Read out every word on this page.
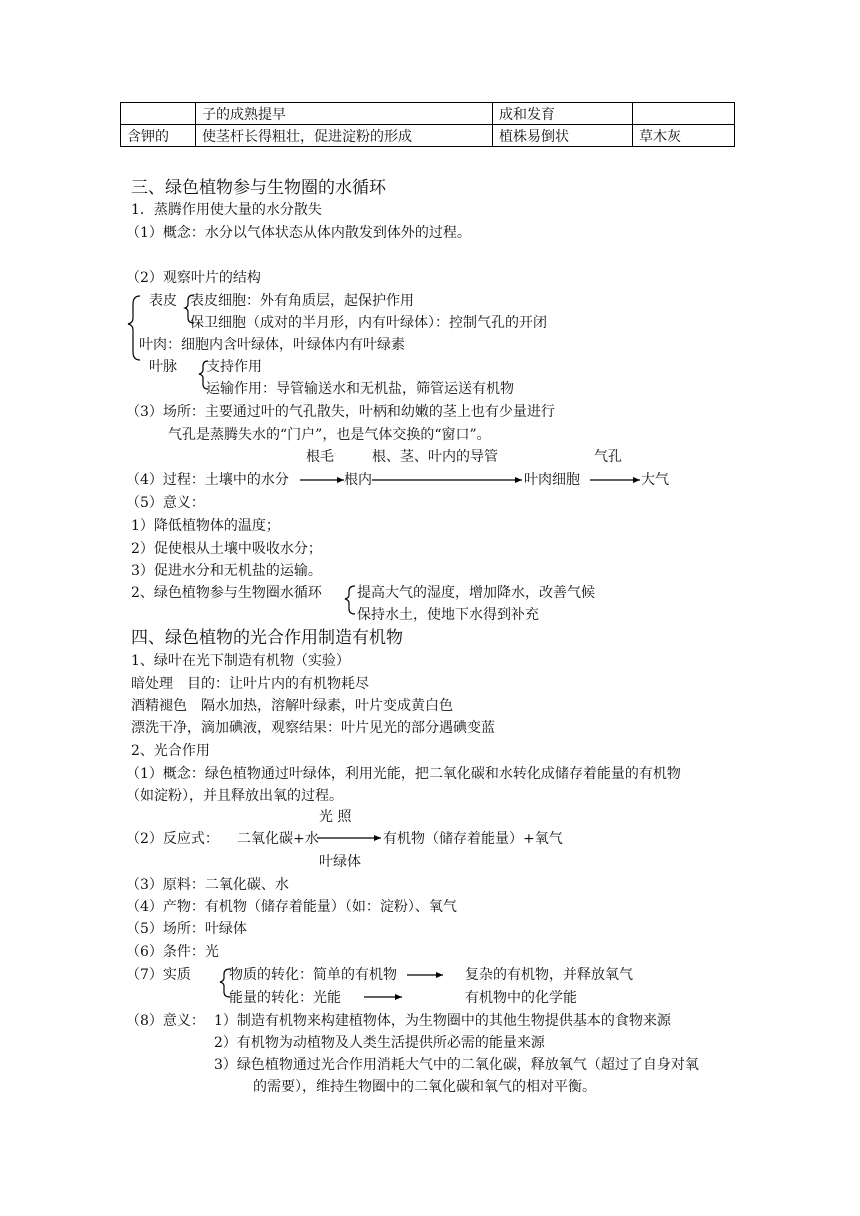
	子的成熟提早	成和发育	
含钾的	使茎杆长得粗壮，促进淀粉的形成	植株易倒状	草木灰
三、绿色植物参与生物圈的水循环
1．蒸腾作用使大量的水分散失
（1）概念：水分以气体状态从体内散发到体外的过程。
（2）观察叶片的结构
表皮 表皮细胞：外有角质层，起保护作用
保卫细胞（成对的半月形，内有叶绿体）：控制气孔的开闭
叶肉：细胞内含叶绿体，叶绿体内有叶绿素
叶脉 支持作用
运输作用：导管输送水和无机盐，筛管运送有机物
（3）场所：主要通过叶的气孔散失，叶柄和幼嫩的茎上也有少量进行
气孔是蒸腾失水的“门户”，也是气体交换的“窗口”。
根毛	根、茎、叶内的导管	气孔
（4）过程：土壤中的水分	根内	叶肉细胞	大气
（5）意义：
1）降低植物体的温度；
2）促使根从土壤中吸收水分；
3）促进水分和无机盐的运输。
2、绿色植物参与生物圈水循环	提高大气的湿度，增加降水，改善气候
保持水土，使地下水得到补充
四、绿色植物的光合作用制造有机物
1、绿叶在光下制造有机物（实验）
暗处理　目的：让叶片内的有机物耗尽
酒精褪色　隔水加热，溶解叶绿素，叶片变成黄白色
漂洗干净，滴加碘液，观察结果：叶片见光的部分遇碘变蓝
2、光合作用
（1）概念：绿色植物通过叶绿体，利用光能，把二氧化碳和水转化成储存着能量的有机物
（如淀粉），并且释放出氧的过程。
光 照
（2）反应式： 二氧化碳+水	有机物（储存着能量）+氧气
叶绿体
（3）原料：二氧化碳、水
（4）产物：有机物（储存着能量）（如：淀粉）、氧气
（5）场所：叶绿体
（6）条件：光
（7）实质	物质的转化：简单的有机物	复杂的有机物，并释放氧气
能量的转化：光能	有机物中的化学能
（8）意义： 1）制造有机物来构建植物体，为生物圈中的其他生物提供基本的食物来源
2）有机物为动植物及人类生活提供所必需的能量来源
3）绿色植物通过光合作用消耗大气中的二氧化碳，释放氧气（超过了自身对氧
的需要），维持生物圈中的二氧化碳和氧气的相对平衡。
